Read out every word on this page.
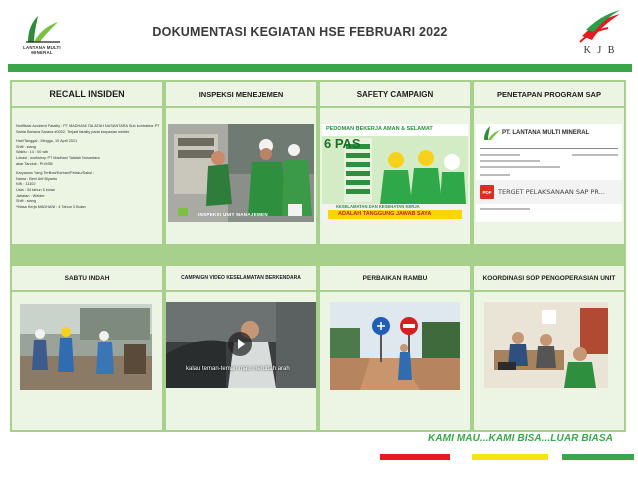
LANTANA MULTI MINERAL
DOKUMENTASI KEGIATAN HSE FEBRUARI 2022
K J B
RECALL INSIDEN	INSPEKSI MENEJEMEN	SAFETY CAMPAIGN	PENETAPAN PROGRAM SAP

Notifikasi Accident Fatality : PT MADHANI TALATAH NUSANTARA Sub kontraktor PT Satria Bahana Sarana #0002, Terjadi fatality pada karyawan welder

Hari/Tanggal : Minggu, 10 April 2021
Shift : siang
Waktu : 14 : 00 wib
Lokasi : workshop PT Madhani Talatah Nusantara

akar Tanduk : Pt MSB

Karyawan Yang Terlibat/Korban/Pelaku/Saksi :
Nama : Beni Arif Biyanto
NIK : 11102
Usia : 34 tahun 6 bulan
Jabatan : Welder
Shift : siang
*Masa Kerja MADHANI : 4 Tahun 3 Bulan
INSPEKSI UNIT MANAJEMEN
PEDOMAN BEKERJA AMAN & SELAMAT
6 PAS
KESELAMATAN DAN KESEHATAN KERJA
ADALAH TANGGUNG JAWAB SAYA
PT. LANTANA MULTI MINERAL
PDF	TERGET PELAKSANAAN SAP PR...
SABTU INDAH	CAMPAIGN VIDEO KESELAMATAN BERKENDARA	PERBAIKAN RAMBU	KOORDINASI SOP PENGOPERASIAN UNIT
kalau teman-teman mau merubah arah
KAMI MAU...KAMI BISA...LUAR BIASA
